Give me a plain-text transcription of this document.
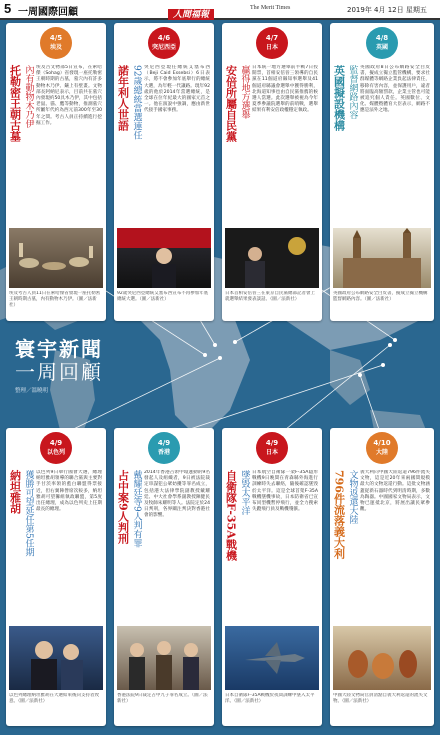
5 一周國際回顧	人間福報
The Merit Times	2019年 4月 12日 星期五
寰宇新聞
一周回顧
整理／溫曉明
4/5
埃及
托勒密王朝古墓 內有動物木乃伊 埃及古文物部5日宣布，在索哈傑（Sohag）省發現一座托勒密王朝時期的古墓，墓穴內有許多動物木乃伊、鑲上有壁畫。文物部長阿納尼表示，目前共在墓穴內發現約50具木乃伊，其中包括老鼠、貓、鷹等動物，推測墓穴所屬年代約為西元前300年至30年之間。考古人員正持續進行挖掘工作。
埃及考古人員11日在索哈傑省發現一座托勒密王朝時期古墓，內有動物木乃伊。（圖／法新社）
4/6
突尼西亞
諾年利人世語 92歲總統當選連任 突尼西亞現任總統艾塞布西（Beji Caid Essebsi）6日表示，將不會參加年底舉行的總統大選，為年輕一代讓路。現年92歲的他於2014年當選總統，是全球在位年紀最大的國家元首之一。他在演說中強調，應由新世代接手國家事務。
92歲突尼西亞總統艾塞布西宣布不再參加年底總統大選。（圖／法新社）
4/7
日本
安倍所屬自民黨 贏得地方選舉 日本統一地方選舉前半戰7日投開票，首相安倍晉三領導的自民黨在11個道府縣知事選舉及41個道府縣議會選舉中獲得勝利，北海道知事也由自民黨推薦的候選人當選。此次選舉被視為今年夏季參議院選舉的前哨戰，選舉結果有利安倍政權穩定執政。
日本首相安倍晉三在東京自民黨總部記者會上就選舉結果發表談話。（圖／法新社）
4/8
英國
英國擬設機構 監督網路內容 英國政府8日公布網路安全白皮書，擬成立獨立監管機構，要求社群媒體等網路企業負起法律責任，移除有害內容，並保護用戶，違者將面臨高額罰款，企業主管也可能被追究個人責任。英國數位、文化、媒體暨體育大臣表示，網路不應是法外之地。
英國政府公布網路安全白皮書，擬成立獨立機構監督網路內容。（圖／法新社）
4/9
以色列
納坦雅胡 獲勝可望延任第5任期 以色列9日舉行國會大選，總理納坦雅胡領導的聯合黨與主要對手甘茨率領的藍白聯盟得票接近，但右翼陣營席次較多，納坦雅胡可望籌組執政聯盟，第5度出任總理，成為以色列史上任期最長的總理。
以色列總理納坦雅胡在大選結束後向支持者致意。（圖／法新社）
4/9
香港
占中案9人判刑 戴耀廷等9人判有罪 2014年香港占領中環運動的9名發起人及組織者，9日被法院裁定串謀犯公眾妨擾等罪名成立，包括港大法律學院副教授戴耀廷、中大社會學系副教授陳健民及牧師朱耀明等人。法院定於24日判刑，各界關注判決對香港社會的影響。
香港法院9日裁定占中九子罪名成立。（圖／法新社）
4/9
日本
自衛隊F-35A戰機 墜毀太平洋 日本航空自衛隊一架F-35A隱形戰機9日晚間在青森縣外海進行訓練時失去聯絡，隨後確認墜毀於太平洋。這是全球首架F-35A戰機墜機事故，日本防衛省已宣布同型機暫停飛行，並全力搜索失蹤飛行員及戰機殘骸。
日本自衛隊F-35A戰機於夜間訓練中墜入太平洋。（圖／法新社）
4/10
大陸
796件流落義大利 文物返還大陸 義大利向中國大陸返還796件流失文物，這是近20年來兩國間規模最大的文物返還行動。這批文物涵蓋從新石器時代到明清時期，多數為陶器。中國國家文物局表示，文物已運抵北京，將展出讓民眾參觀。
中國大陸文物局官員清點自義大利返還的流失文物。（圖／法新社）
